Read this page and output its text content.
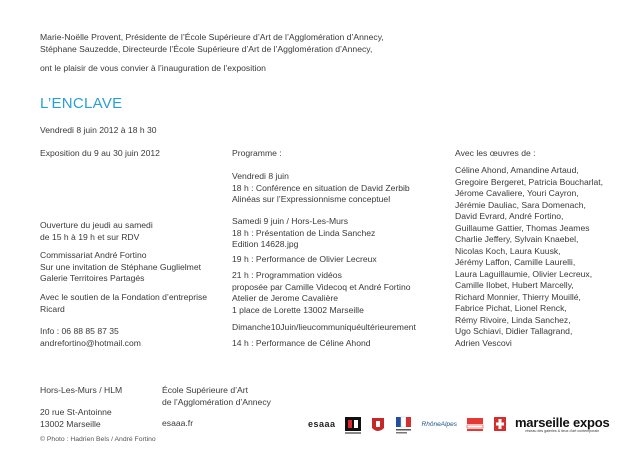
Marie-Noëlle Provent, Présidente de l’École Supérieure d’Art de l’Agglomération d’Annecy,
Stéphane Sauzedde, Directeurde l’École Supérieure d’Art de l’Agglomération d’Annecy,
ont le plaisir de vous convier à l’inauguration de l’exposition
L’ENCLAVE
Vendredi 8 juin 2012 à 18 h 30
Exposition du 9 au 30 juin 2012
Ouverture du jeudi au samedi
de 15 h à 19 h et sur RDV
Commissariat André Fortino
Sur une invitation de Stéphane Guglielmet
Galerie Territoires Partagés
Avec le soutien de la Fondation d’entreprise
Ricard
Info : 06 88 85 87 35
andrefortino@hotmail.com
Programme :
Vendredi 8 juin
18 h : Conférence en situation de David Zerbib
Alinéas sur l’Expressionnisme conceptuel
Samedi 9 juin / Hors-Les-Murs
18 h : Présentation de Linda Sanchez
Edition 14628.jpg
19 h : Performance de Olivier Lecreux
21 h : Programmation vidéos
proposée par Camille Videcoq et André Fortino
Atelier de Jerome Cavalière
1 place de Lorette 13002 Marseille
Dimanche10Juin/lieucommuniquéultérieurement
14 h : Performance de Céline Ahond
Avec les œuvres de :
Céline Ahond, Amandine Artaud,
Gregoire Bergeret, Patricia Boucharlat,
Jérome Cavaliere, Youri Cayron,
Jérémie Dauliac, Sara Domenach,
David Evrard, André Fortino,
Guillaume Gattier, Thomas Jeames
Charlie Jeffery, Sylvain Knaebel,
Nicolas Koch, Laura Kuusk,
Jérémy Laffon, Camille Laurelli,
Laura Laguillaumie, Olivier Lecreux,
Camille Ilobet, Hubert Marcelly,
Richard Monnier, Thierry Mouillé,
Fabrice Pichat, Lionel Renck,
Rémy Rivoire, Linda Sanchez,
Ugo Schiavi, Didier Tallagrand,
Adrien Vescovi
Hors-Les-Murs / HLM
20 rue St-Antoinne
13002 Marseille
École Supérieure d’Art
de l’Agglomération d’Annecy
esaaa.fr
© Photo : Hadrien Bels / André Fortino
esaaa	RhôneAlpes	marseille expos
réseau des galeries & lieux d'art contemporain
